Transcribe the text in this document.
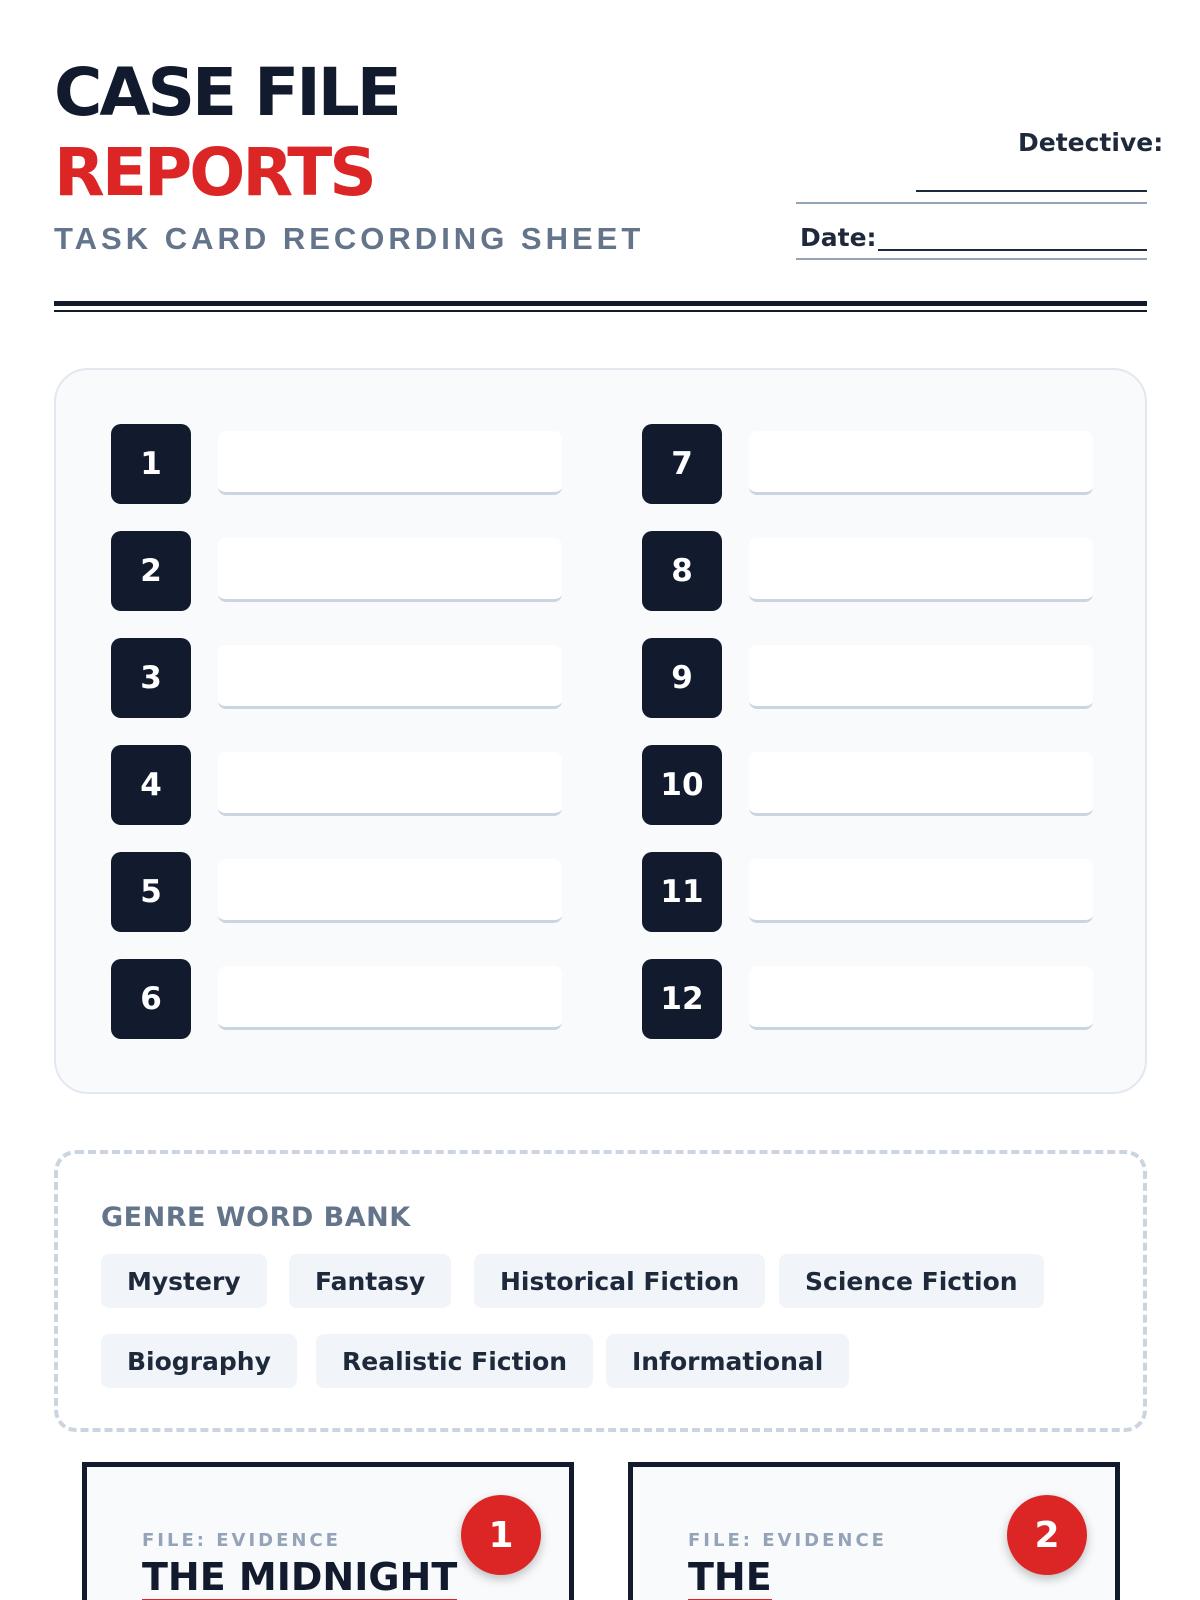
CASE FILE
REPORTS
TASK CARD RECORDING SHEET
Detective:
Date:
1
2
3
4
5
6
7
8
9
10
11
12
GENRE WORD BANK
Mystery	Fantasy	Historical Fiction	Science Fiction
Biography	Realistic Fiction	Informational
FILE: EVIDENCE
THE MIDNIGHT
1	FILE: EVIDENCE
THE
2
